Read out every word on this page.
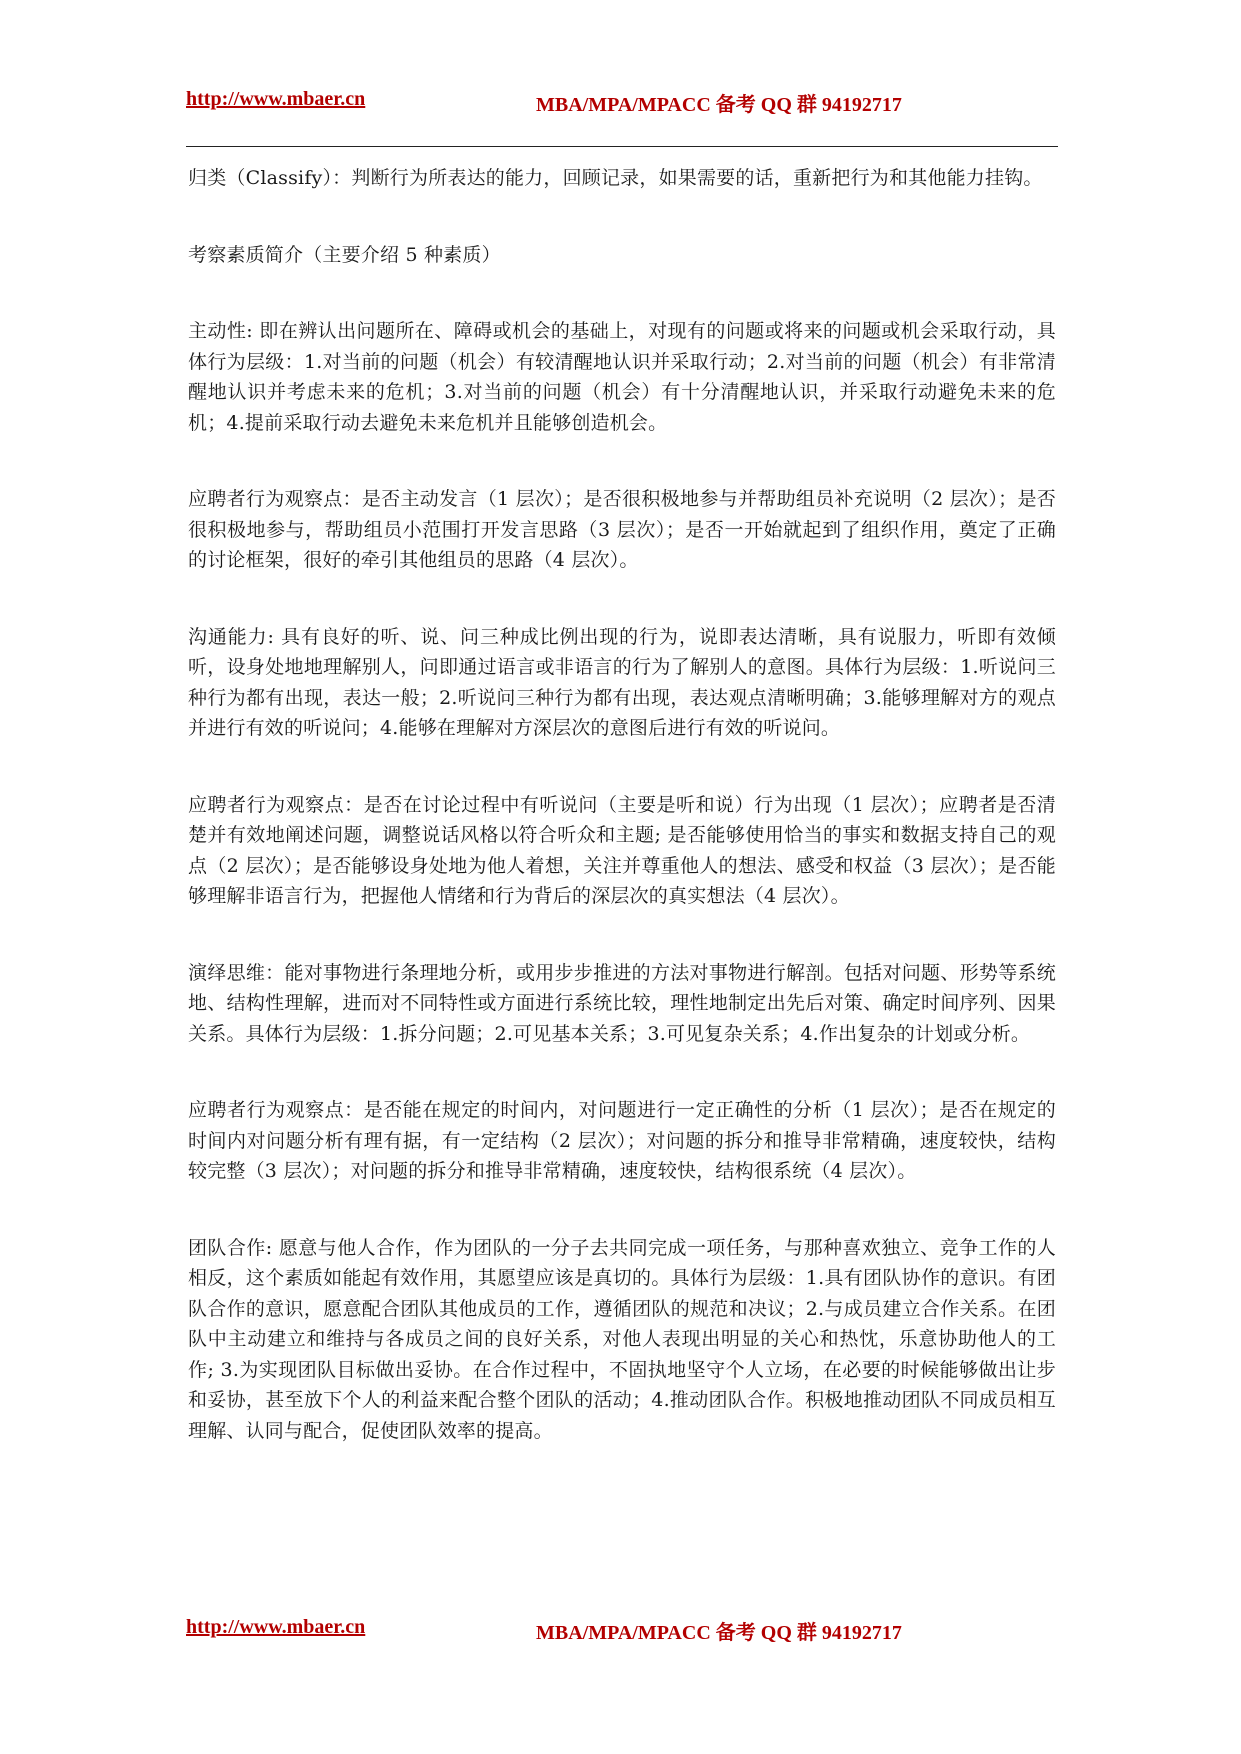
http://www.mbaer.cn	MBA/MPA/MPACC 备考 QQ 群 94192717

归类（Classify）：判断行为所表达的能力，回顾记录，如果需要的话，重新把行为和其他能力挂钩。

考察素质简介（主要介绍 5 种素质）

主动性: 即在辨认出问题所在、障碍或机会的基础上，对现有的问题或将来的问题或机会采取行动，具体行为层级：1.对当前的问题（机会）有较清醒地认识并采取行动；2.对当前的问题（机会）有非常清醒地认识并考虑未来的危机；3.对当前的问题（机会）有十分清醒地认识，并采取行动避免未来的危机；4.提前采取行动去避免未来危机并且能够创造机会。

应聘者行为观察点：是否主动发言（1 层次）；是否很积极地参与并帮助组员补充说明（2 层次）；是否很积极地参与，帮助组员小范围打开发言思路（3 层次）；是否一开始就起到了组织作用，奠定了正确的讨论框架，很好的牵引其他组员的思路（4 层次）。

沟通能力: 具有良好的听、说、问三种成比例出现的行为，说即表达清晰，具有说服力，听即有效倾听，设身处地地理解别人，问即通过语言或非语言的行为了解别人的意图。具体行为层级：1.听说问三种行为都有出现，表达一般；2.听说问三种行为都有出现，表达观点清晰明确；3.能够理解对方的观点并进行有效的听说问；4.能够在理解对方深层次的意图后进行有效的听说问。

应聘者行为观察点：是否在讨论过程中有听说问（主要是听和说）行为出现（1 层次）；应聘者是否清楚并有效地阐述问题，调整说话风格以符合听众和主题; 是否能够使用恰当的事实和数据支持自己的观点（2 层次）；是否能够设身处地为他人着想，关注并尊重他人的想法、感受和权益（3 层次）；是否能够理解非语言行为，把握他人情绪和行为背后的深层次的真实想法（4 层次）。

演绎思维：能对事物进行条理地分析，或用步步推进的方法对事物进行解剖。包括对问题、形势等系统地、结构性理解，进而对不同特性或方面进行系统比较，理性地制定出先后对策、确定时间序列、因果关系。具体行为层级：1.拆分问题；2.可见基本关系；3.可见复杂关系；4.作出复杂的计划或分析。

应聘者行为观察点：是否能在规定的时间内，对问题进行一定正确性的分析（1 层次）；是否在规定的时间内对问题分析有理有据，有一定结构（2 层次）；对问题的拆分和推导非常精确，速度较快，结构较完整（3 层次）；对问题的拆分和推导非常精确，速度较快，结构很系统（4 层次）。

团队合作: 愿意与他人合作，作为团队的一分子去共同完成一项任务，与那种喜欢独立、竞争工作的人相反，这个素质如能起有效作用，其愿望应该是真切的。具体行为层级：1.具有团队协作的意识。有团队合作的意识，愿意配合团队其他成员的工作，遵循团队的规范和决议；2.与成员建立合作关系。在团队中主动建立和维持与各成员之间的良好关系，对他人表现出明显的关心和热忱，乐意协助他人的工作; 3.为实现团队目标做出妥协。在合作过程中，不固执地坚守个人立场，在必要的时候能够做出让步和妥协，甚至放下个人的利益来配合整个团队的活动；4.推动团队合作。积极地推动团队不同成员相互理解、认同与配合，促使团队效率的提高。

http://www.mbaer.cn	MBA/MPA/MPACC 备考 QQ 群 94192717
